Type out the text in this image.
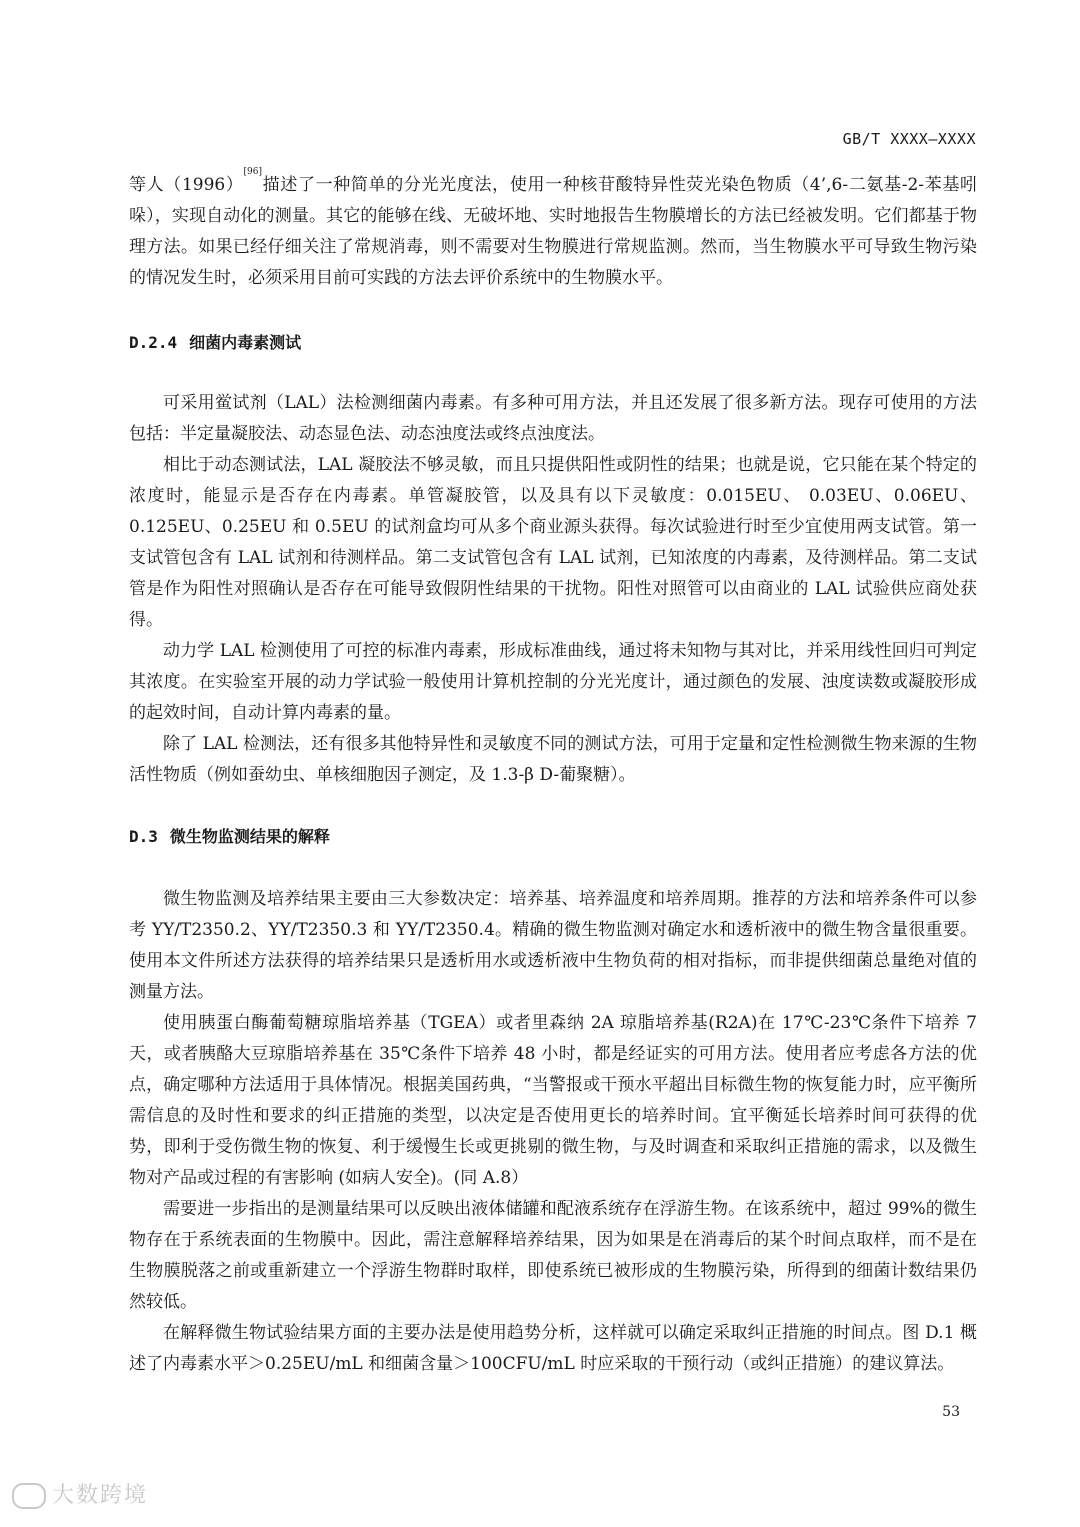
GB/T XXXX—XXXX

等人（1996）[96]描述了一种简单的分光光度法，使用一种核苷酸特异性荧光染色物质（4’,6-二氨基-2-苯基吲哚），实现自动化的测量。其它的能够在线、无破坏地、实时地报告生物膜增长的方法已经被发明。它们都基于物理方法。如果已经仔细关注了常规消毒，则不需要对生物膜进行常规监测。然而，当生物膜水平可导致生物污染的情况发生时，必须采用目前可实践的方法去评价系统中的生物膜水平。

D.2.4 细菌内毒素测试

可采用鲎试剂（LAL）法检测细菌内毒素。有多种可用方法，并且还发展了很多新方法。现存可使用的方法包括：半定量凝胶法、动态显色法、动态浊度法或终点浊度法。

相比于动态测试法，LAL 凝胶法不够灵敏，而且只提供阳性或阴性的结果；也就是说，它只能在某个特定的浓度时，能显示是否存在内毒素。单管凝胶管，以及具有以下灵敏度：0.015EU、 0.03EU、0.06EU、0.125EU、0.25EU 和 0.5EU 的试剂盒均可从多个商业源头获得。每次试验进行时至少宜使用两支试管。第一支试管包含有 LAL 试剂和待测样品。第二支试管包含有 LAL 试剂，已知浓度的内毒素，及待测样品。第二支试管是作为阳性对照确认是否存在可能导致假阴性结果的干扰物。阳性对照管可以由商业的 LAL 试验供应商处获得。

动力学 LAL 检测使用了可控的标准内毒素，形成标准曲线，通过将未知物与其对比，并采用线性回归可判定其浓度。在实验室开展的动力学试验一般使用计算机控制的分光光度计，通过颜色的发展、浊度读数或凝胶形成的起效时间，自动计算内毒素的量。

除了 LAL 检测法，还有很多其他特异性和灵敏度不同的测试方法，可用于定量和定性检测微生物来源的生物活性物质（例如蚕幼虫、单核细胞因子测定，及 1.3-β D-葡聚糖）。

D.3 微生物监测结果的解释

微生物监测及培养结果主要由三大参数决定：培养基、培养温度和培养周期。推荐的方法和培养条件可以参考 YY/T2350.2、YY/T2350.3 和 YY/T2350.4。精确的微生物监测对确定水和透析液中的微生物含量很重要。使用本文件所述方法获得的培养结果只是透析用水或透析液中生物负荷的相对指标，而非提供细菌总量绝对值的测量方法。

使用胰蛋白酶葡萄糖琼脂培养基（TGEA）或者里森纳 2A 琼脂培养基(R2A)在 17℃-23℃条件下培养 7 天，或者胰酪大豆琼脂培养基在 35℃条件下培养 48 小时，都是经证实的可用方法。使用者应考虑各方法的优点，确定哪种方法适用于具体情况。根据美国药典，“当警报或干预水平超出目标微生物的恢复能力时，应平衡所需信息的及时性和要求的纠正措施的类型，以决定是否使用更长的培养时间。宜平衡延长培养时间可获得的优势，即利于受伤微生物的恢复、利于缓慢生长或更挑剔的微生物，与及时调查和采取纠正措施的需求，以及微生物对产品或过程的有害影响 (如病人安全)。(同 A.8）

需要进一步指出的是测量结果可以反映出液体储罐和配液系统存在浮游生物。在该系统中，超过 99%的微生物存在于系统表面的生物膜中。因此，需注意解释培养结果，因为如果是在消毒后的某个时间点取样，而不是在生物膜脱落之前或重新建立一个浮游生物群时取样，即使系统已被形成的生物膜污染，所得到的细菌计数结果仍然较低。

在解释微生物试验结果方面的主要办法是使用趋势分析，这样就可以确定采取纠正措施的时间点。图 D.1 概述了内毒素水平＞0.25EU/mL 和细菌含量＞100CFU/mL 时应采取的干预行动（或纠正措施）的建议算法。

53
大数跨境
